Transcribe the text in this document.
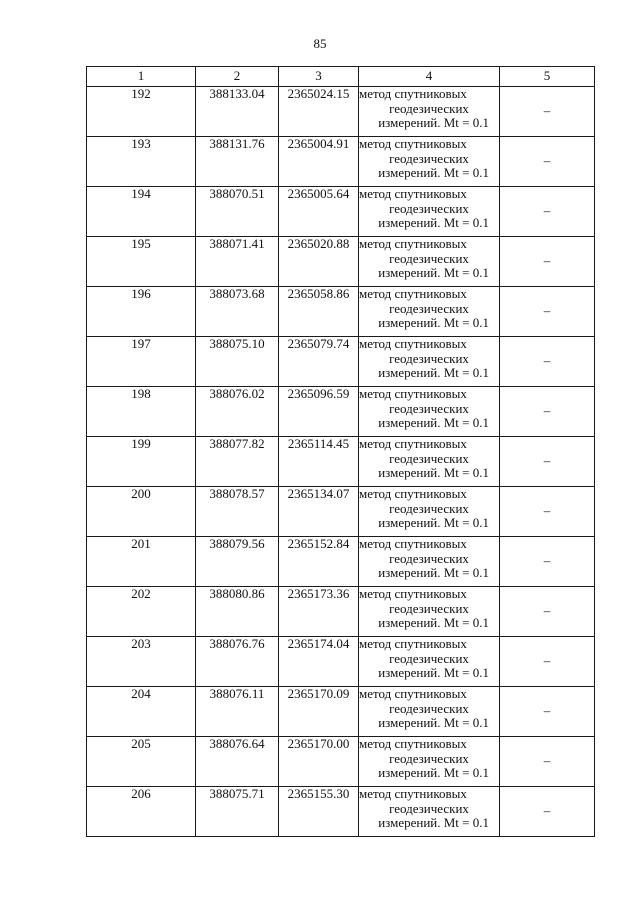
85
1	2	3	4	5
192	388133.04	2365024.15	метод спутниковых
геодезических
измерений. Mt = 0.1	–
193	388131.76	2365004.91	метод спутниковых
геодезических
измерений. Mt = 0.1	–
194	388070.51	2365005.64	метод спутниковых
геодезических
измерений. Mt = 0.1	–
195	388071.41	2365020.88	метод спутниковых
геодезических
измерений. Mt = 0.1	–
196	388073.68	2365058.86	метод спутниковых
геодезических
измерений. Mt = 0.1	–
197	388075.10	2365079.74	метод спутниковых
геодезических
измерений. Mt = 0.1	–
198	388076.02	2365096.59	метод спутниковых
геодезических
измерений. Mt = 0.1	–
199	388077.82	2365114.45	метод спутниковых
геодезических
измерений. Mt = 0.1	–
200	388078.57	2365134.07	метод спутниковых
геодезических
измерений. Mt = 0.1	–
201	388079.56	2365152.84	метод спутниковых
геодезических
измерений. Mt = 0.1	–
202	388080.86	2365173.36	метод спутниковых
геодезических
измерений. Mt = 0.1	–
203	388076.76	2365174.04	метод спутниковых
геодезических
измерений. Mt = 0.1	–
204	388076.11	2365170.09	метод спутниковых
геодезических
измерений. Mt = 0.1	–
205	388076.64	2365170.00	метод спутниковых
геодезических
измерений. Mt = 0.1	–
206	388075.71	2365155.30	метод спутниковых
геодезических
измерений. Mt = 0.1	–
